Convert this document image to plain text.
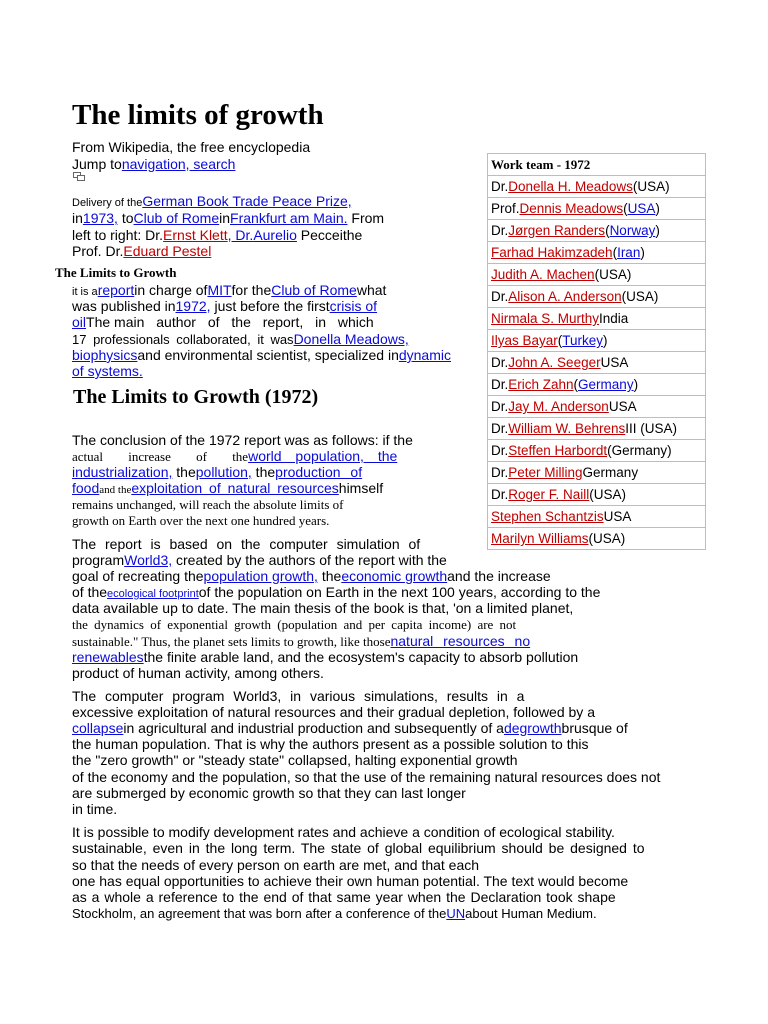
The limits of growth
From Wikipedia, the free encyclopedia
Jump tonavigation, search
Delivery of theGerman Book Trade Peace Prize,
in1973, toClub of RomeinFrankfurt am Main. From
left to right: Dr.Ernst Klett, Dr.Aurelio Pecceithe
Prof. Dr.Eduard Pestel
The Limits to Growth
it is areportin charge ofMITfor theClub of Romewhat
was published in1972, just before the firstcrisis of
oilThe main author of the report, in which
17 professionals collaborated, it wasDonella Meadows,
biophysicsand environmental scientist, specialized indynamic
of systems.
The Limits to Growth (1972)
The conclusion of the 1972 report was as follows: if the
actual increase of theworld population, the
industrialization, thepollution, theproduction of
foodand theexploitation of natural resourceshimself
remains unchanged, will reach the absolute limits of
growth on Earth over the next one hundred years.
The report is based on the computer simulation of
programWorld3, created by the authors of the report with the
goal of recreating thepopulation growth, theeconomic growthand the increase
of theecological footprintof the population on Earth in the next 100 years, according to the
data available up to date. The main thesis of the book is that, 'on a limited planet,
the dynamics of exponential growth (population and per capita income) are not
sustainable." Thus, the planet sets limits to growth, like thosenatural resources no
renewablesthe finite arable land, and the ecosystem's capacity to absorb pollution
product of human activity, among others.
The computer program World3, in various simulations, results in a
excessive exploitation of natural resources and their gradual depletion, followed by a
collapsein agricultural and industrial production and subsequently of adegrowthbrusque of
the human population. That is why the authors present as a possible solution to this
the "zero growth" or "steady state" collapsed, halting exponential growth
of the economy and the population, so that the use of the remaining natural resources does not
are submerged by economic growth so that they can last longer
in time.
It is possible to modify development rates and achieve a condition of ecological stability.
sustainable, even in the long term. The state of global equilibrium should be designed to
so that the needs of every person on earth are met, and that each
one has equal opportunities to achieve their own human potential. The text would become
as a whole a reference to the end of that same year when the Declaration took shape
Stockholm, an agreement that was born after a conference of theUNabout Human Medium.
Work team - 1972
Dr.Donella H. Meadows(USA)
Prof.Dennis Meadows(USA)
Dr.Jørgen Randers(Norway)
Farhad Hakimzadeh(Iran)
Judith A. Machen(USA)
Dr.Alison A. Anderson(USA)
Nirmala S. MurthyIndia
Ilyas Bayar(Turkey)
Dr.John A. SeegerUSA
Dr.Erich Zahn(Germany)
Dr.Jay M. AndersonUSA
Dr.William W. BehrensIII (USA)
Dr.Steffen Harbordt(Germany)
Dr.Peter MillingGermany
Dr.Roger F. Naill(USA)
Stephen SchantzisUSA
Marilyn Williams(USA)
